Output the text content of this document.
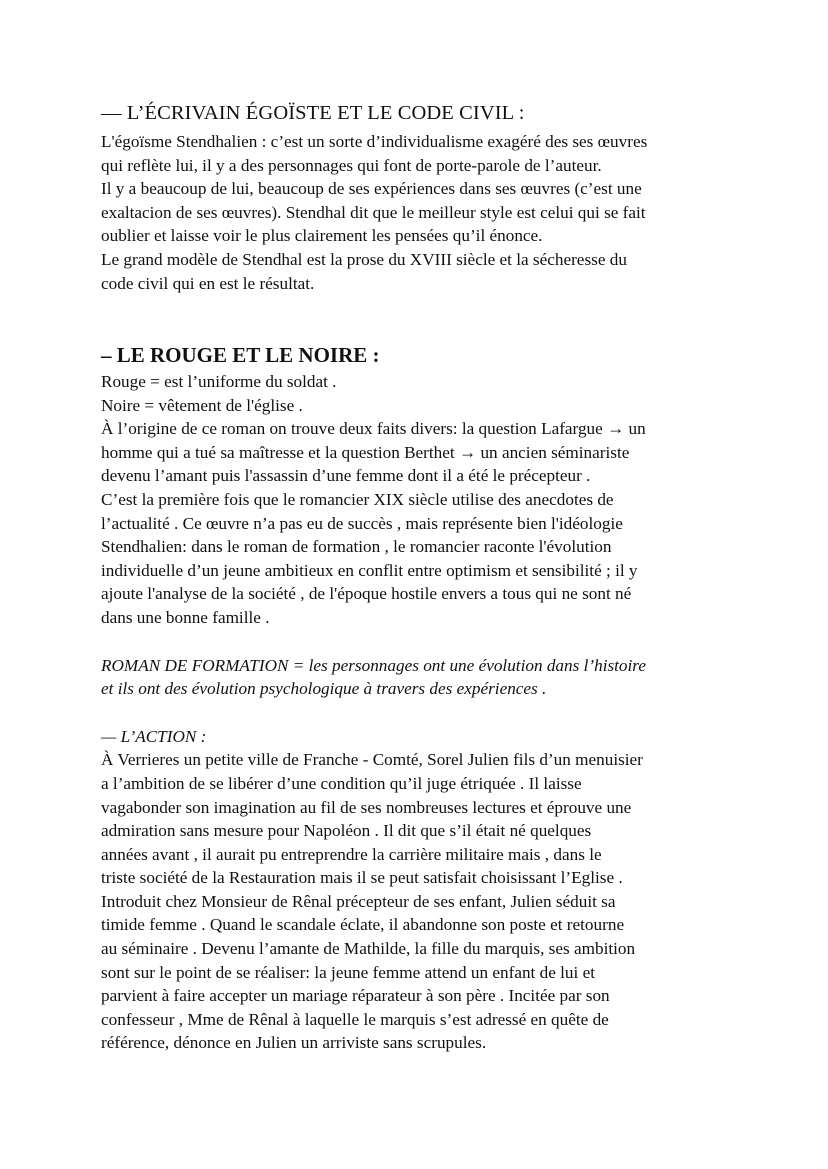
— L’ÉCRIVAIN ÉGOÏSTE ET LE CODE CIVIL :

L'égoïsme Stendhalien : c’est un sorte d’individualisme exagéré des ses œuvres
qui reflète lui, il y a des personnages qui font de porte-parole de l’auteur.
Il y a beaucoup de lui, beaucoup de ses expériences dans ses œuvres (c’est une
exaltacion de ses œuvres). Stendhal dit que le meilleur style est celui qui se fait
oublier et laisse voir le plus clairement les pensées qu’il énonce.
Le grand modèle de Stendhal est la prose du XVIII siècle et la sécheresse du
code civil qui en est le résultat.

– LE ROUGE ET LE NOIRE :

Rouge = est l’uniforme du soldat .
Noire = vêtement de l'église .

À l’origine de ce roman on trouve deux faits divers: la question Lafargue → un
homme qui a tué sa maîtresse et la question Berthet → un ancien séminariste
devenu l’amant puis l'assassin d’une femme dont il a été le précepteur .
C’est la première fois que le romancier XIX siècle utilise des anecdotes de
l’actualité . Ce œuvre n’a pas eu de succès , mais représente bien l'idéologie
Stendhalien: dans le roman de formation , le romancier raconte l'évolution
individuelle d’un jeune ambitieux en conflit entre optimism et sensibilité ; il y
ajoute l'analyse de la société , de l'époque hostile envers a tous qui ne sont né
dans une bonne famille .

ROMAN DE FORMATION = les personnages ont une évolution dans l’histoire
et ils ont des évolution psychologique à travers des expériences .

— L’ACTION :

À Verrieres un petite ville de Franche - Comté, Sorel Julien fils d’un menuisier
a l’ambition de se libérer d’une condition qu’il juge étriquée . Il laisse
vagabonder son imagination au fil de ses nombreuses lectures et éprouve une
admiration sans mesure pour Napoléon . Il dit que s’il était né quelques
années avant , il aurait pu entreprendre la carrière militaire mais , dans le
triste société de la Restauration mais il se peut satisfait choisissant l’Eglise .
Introduit chez Monsieur de Rênal précepteur de ses enfant, Julien séduit sa
timide femme . Quand le scandale éclate, il abandonne son poste et retourne
au séminaire . Devenu l’amante de Mathilde, la fille du marquis, ses ambition
sont sur le point de se réaliser: la jeune femme attend un enfant de lui et
parvient à faire accepter un mariage réparateur à son père . Incitée par son
confesseur , Mme de Rênal à laquelle le marquis s’est adressé en quête de
référence, dénonce en Julien un arriviste sans scrupules.
